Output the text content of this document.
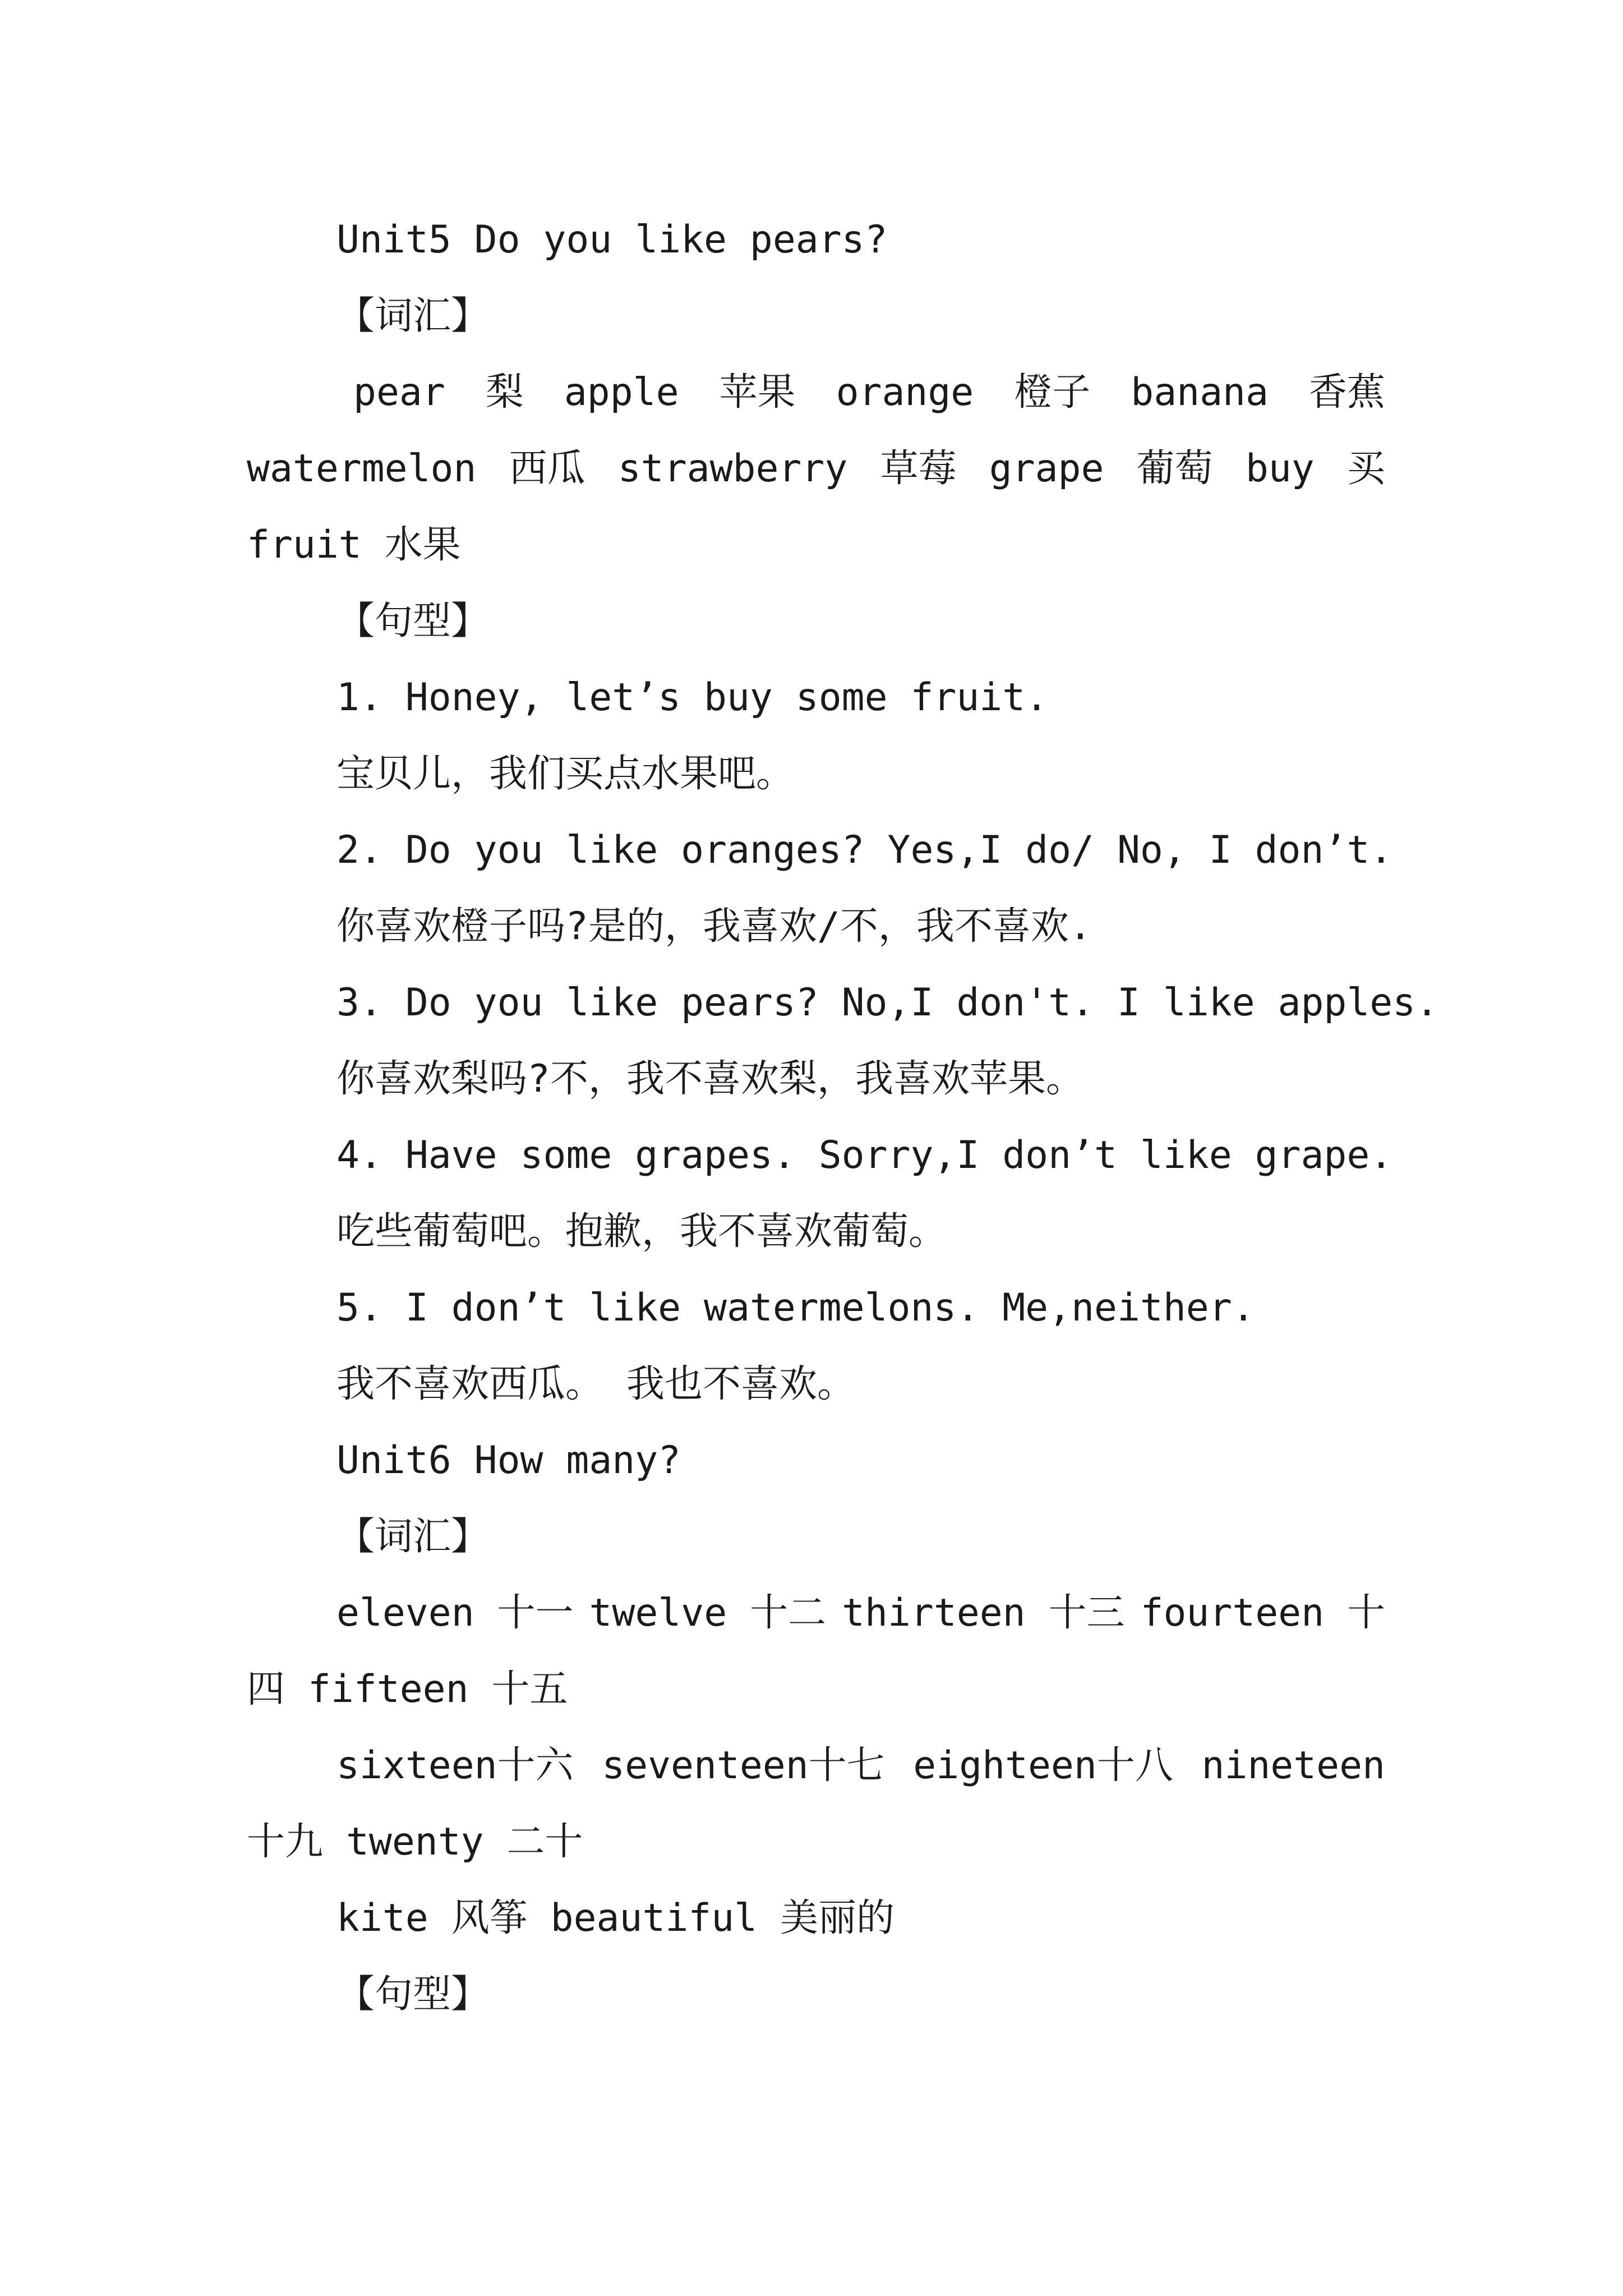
Unit5 Do you like pears?
【词汇】
pear 梨 apple 苹果 orange 橙子 banana 香蕉
watermelon 西瓜 strawberry 草莓 grape 葡萄 buy 买
fruit 水果
【句型】
1. Honey, let’s buy some fruit.
宝贝儿，我们买点水果吧。
2. Do you like oranges? Yes,I do/ No, I don’t.
你喜欢橙子吗?是的，我喜欢/不，我不喜欢.
3. Do you like pears? No,I don't. I like apples.
你喜欢梨吗?不，我不喜欢梨，我喜欢苹果。
4. Have some grapes. Sorry,I don’t like grape.
吃些葡萄吧。抱歉，我不喜欢葡萄。
5. I don’t like watermelons. Me,neither.
我不喜欢西瓜。 我也不喜欢。
Unit6 How many?
【词汇】
eleven 十一 twelve 十二 thirteen 十三 fourteen 十
四 fifteen 十五
sixteen十六 seventeen十七 eighteen十八 nineteen
十九 twenty 二十
kite 风筝 beautiful 美丽的
【句型】
